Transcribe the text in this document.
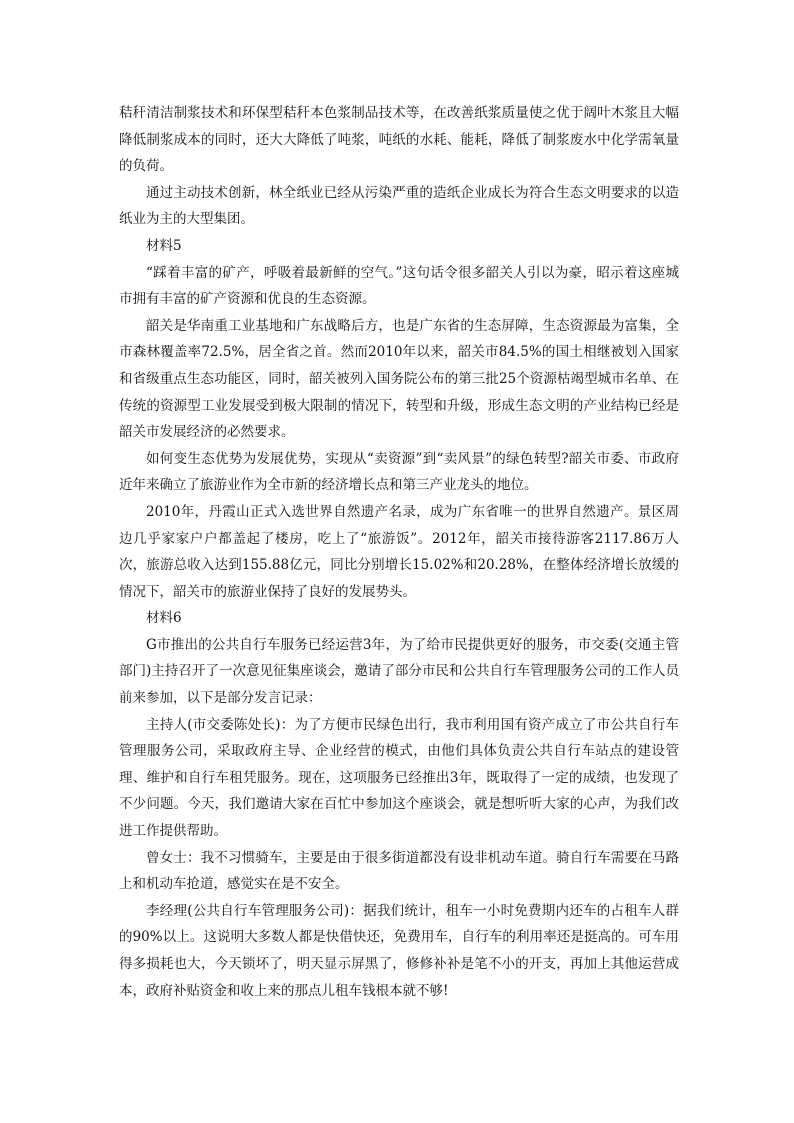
秸秆清洁制浆技术和环保型秸秆本色浆制品技术等，在改善纸浆质量使之优于阔叶木浆且大幅降低制浆成本的同时，还大大降低了吨浆，吨纸的水耗、能耗，降低了制浆废水中化学需氧量的负荷。

通过主动技术创新，林全纸业已经从污染严重的造纸企业成长为符合生态文明要求的以造纸业为主的大型集团。

材料5

“踩着丰富的矿产，呼吸着最新鲜的空气。”这句话令很多韶关人引以为豪，昭示着这座城市拥有丰富的矿产资源和优良的生态资源。

韶关是华南重工业基地和广东战略后方，也是广东省的生态屏障，生态资源最为富集，全市森林覆盖率72.5%，居全省之首。然而2010年以来，韶关市84.5%的国土相继被划入国家和省级重点生态功能区，同时，韶关被列入国务院公布的第三批25个资源枯竭型城市名单、在传统的资源型工业发展受到极大限制的情况下，转型和升级，形成生态文明的产业结构已经是韶关市发展经济的必然要求。

如何变生态优势为发展优势，实现从“卖资源”到“卖风景”的绿色转型?韶关市委、市政府近年来确立了旅游业作为全市新的经济增长点和第三产业龙头的地位。

2010年，丹霞山正式入选世界自然遗产名录，成为广东省唯一的世界自然遗产。景区周边几乎家家户户都盖起了楼房，吃上了“旅游饭”。2012年，韶关市接待游客2117.86万人次，旅游总收入达到155.88亿元，同比分别增长15.02%和20.28%，在整体经济增长放缓的情况下，韶关市的旅游业保持了良好的发展势头。

材料6

G市推出的公共自行车服务已经运营3年，为了给市民提供更好的服务，市交委(交通主管部门)主持召开了一次意见征集座谈会，邀请了部分市民和公共自行车管理服务公司的工作人员前来参加，以下是部分发言记录：

主持人(市交委陈处长)：为了方便市民绿色出行，我市利用国有资产成立了市公共自行车管理服务公司，采取政府主导、企业经营的模式，由他们具体负责公共自行车站点的建设管理、维护和自行车租凭服务。现在，这项服务已经推出3年，既取得了一定的成绩，也发现了不少问题。今天，我们邀请大家在百忙中参加这个座谈会，就是想听听大家的心声，为我们改进工作提供帮助。

曾女士：我不习惯骑车，主要是由于很多街道都没有设非机动车道。骑自行车需要在马路上和机动车抢道，感觉实在是不安全。

李经理(公共自行车管理服务公司)：据我们统计，租车一小时免费期内还车的占租车人群的90%以上。这说明大多数人都是快借快还，免费用车，自行车的利用率还是挺高的。可车用得多损耗也大，今天锁坏了，明天显示屏黑了，修修补补是笔不小的开支，再加上其他运营成本，政府补贴资金和收上来的那点儿租车钱根本就不够!
